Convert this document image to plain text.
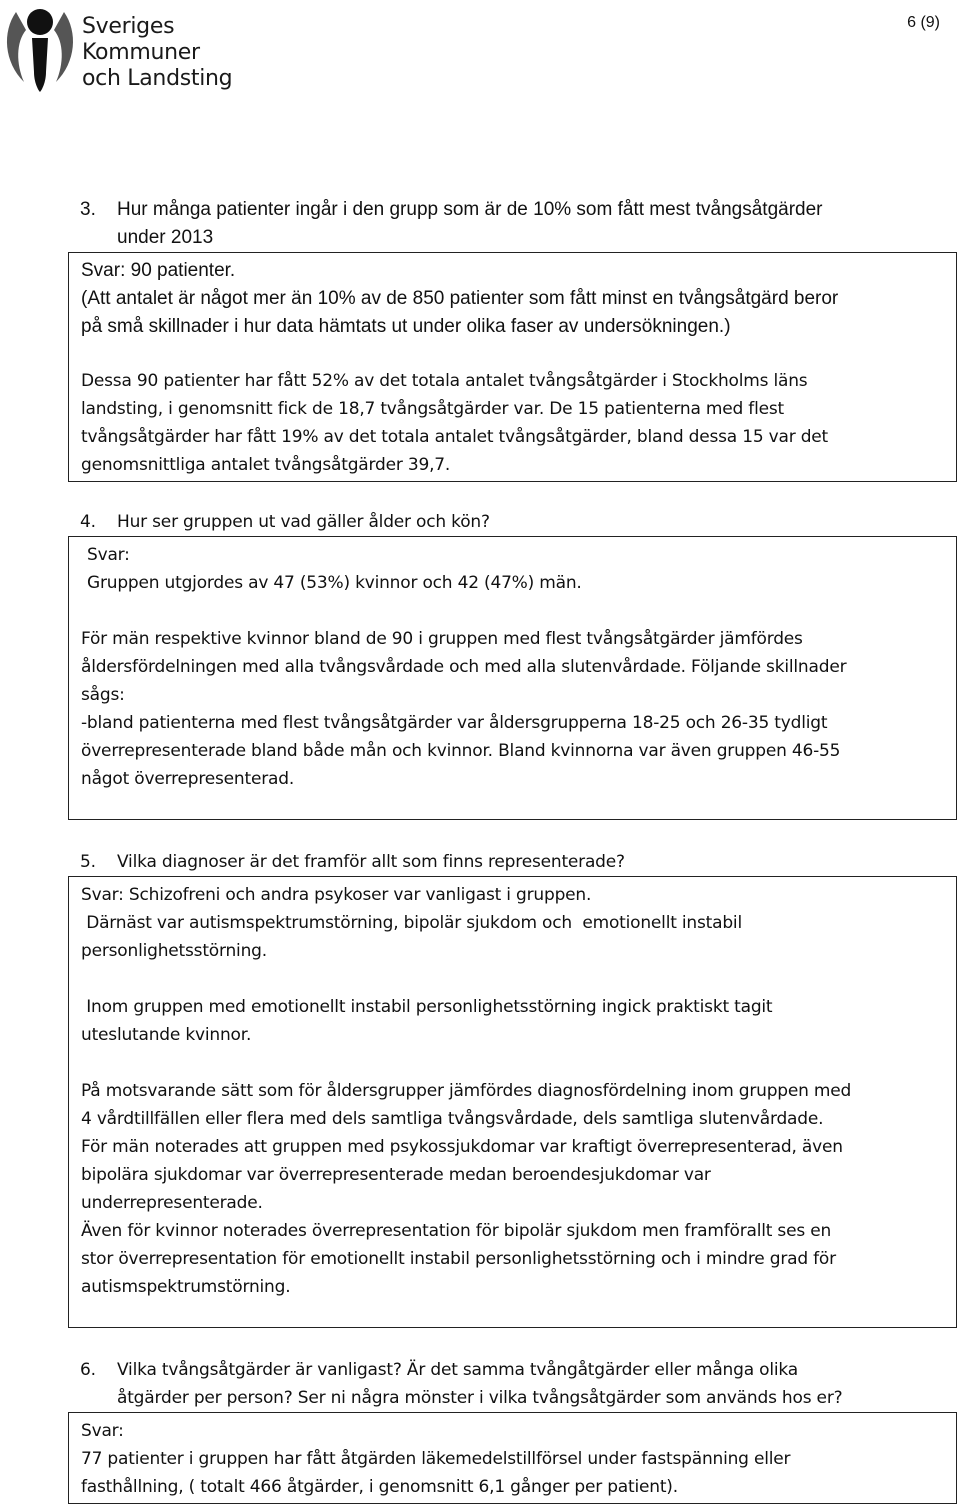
Sveriges
Kommuner
och Landsting
6 (9)
3. Hur många patienter ingår i den grupp som är de 10% som fått mest tvångsåtgärder
under 2013
Svar: 90 patienter.
(Att antalet är något mer än 10% av de 850 patienter som fått minst en tvångsåtgärd beror
på små skillnader i hur data hämtats ut under olika faser av undersökningen.)
Dessa 90 patienter har fått 52% av det totala antalet tvångsåtgärder i Stockholms läns
landsting, i genomsnitt fick de 18,7 tvångsåtgärder var. De 15 patienterna med flest
tvångsåtgärder har fått 19% av det totala antalet tvångsåtgärder, bland dessa 15 var det
genomsnittliga antalet tvångsåtgärder 39,7.
4. Hur ser gruppen ut vad gäller ålder och kön?
Svar:
Gruppen utgjordes av 47 (53%) kvinnor och 42 (47%) män.
För män respektive kvinnor bland de 90 i gruppen med flest tvångsåtgärder jämfördes
åldersfördelningen med alla tvångsvårdade och med alla slutenvårdade. Följande skillnader
sågs:
-bland patienterna med flest tvångsåtgärder var åldersgrupperna 18-25 och 26-35 tydligt
överrepresenterade bland både mån och kvinnor. Bland kvinnorna var även gruppen 46-55
något överrepresenterad.
5. Vilka diagnoser är det framför allt som finns representerade?
Svar: Schizofreni och andra psykoser var vanligast i gruppen.
Därnäst var autismspektrumstörning, bipolär sjukdom och  emotionellt instabil
personlighetsstörning.
Inom gruppen med emotionellt instabil personlighetsstörning ingick praktiskt tagit
uteslutande kvinnor.
På motsvarande sätt som för åldersgrupper jämfördes diagnosfördelning inom gruppen med
4 vårdtillfällen eller flera med dels samtliga tvångsvårdade, dels samtliga slutenvårdade.
För män noterades att gruppen med psykossjukdomar var kraftigt överrepresenterad, även
bipolära sjukdomar var överrepresenterade medan beroendesjukdomar var
underrepresenterade.
Även för kvinnor noterades överrepresentation för bipolär sjukdom men framförallt ses en
stor överrepresentation för emotionellt instabil personlighetsstörning och i mindre grad för
autismspektrumstörning.
6. Vilka tvångsåtgärder är vanligast? Är det samma tvångåtgärder eller många olika
åtgärder per person? Ser ni några mönster i vilka tvångsåtgärder som används hos er?
Svar:
77 patienter i gruppen har fått åtgärden läkemedelstillförsel under fastspänning eller
fasthållning, ( totalt 466 åtgärder, i genomsnitt 6,1 gånger per patient).
